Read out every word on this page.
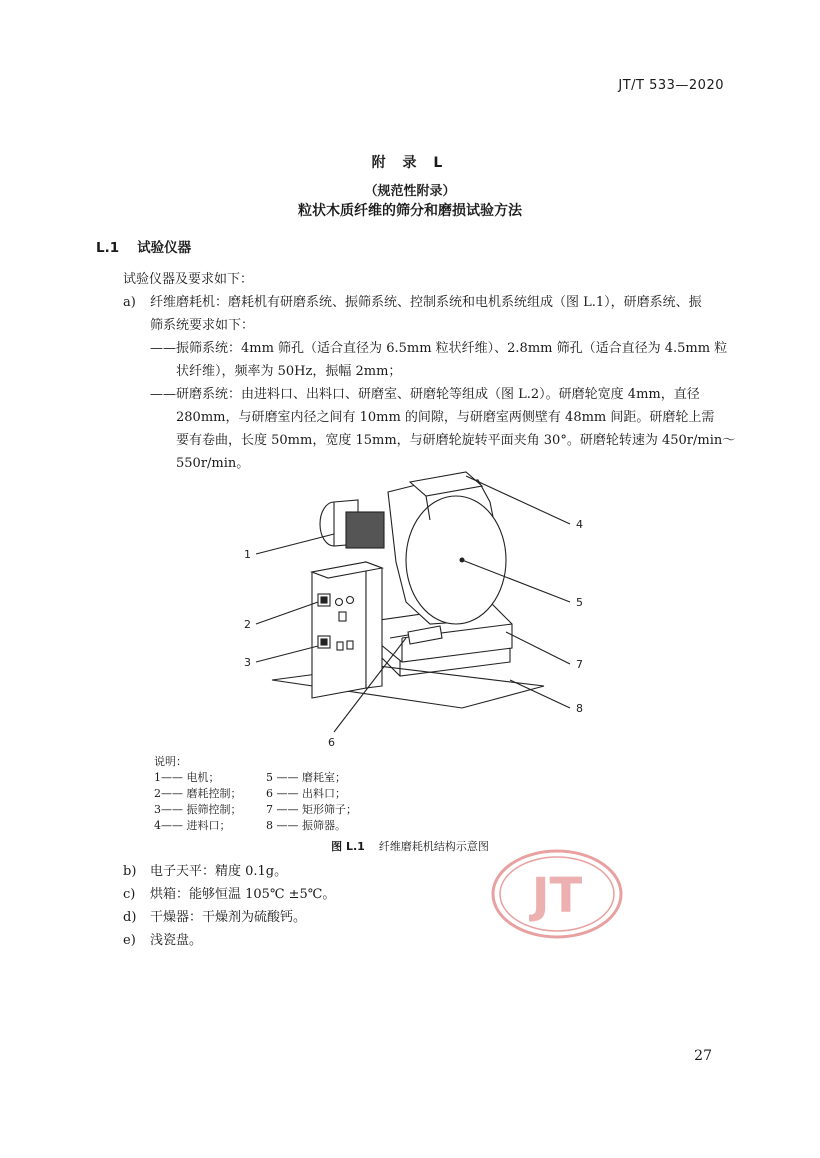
JT/T 533—2020
附 录 L
（规范性附录）
粒状木质纤维的筛分和磨损试验方法
L.1 试验仪器
试验仪器及要求如下：
a) 纤维磨耗机：磨耗机有研磨系统、振筛系统、控制系统和电机系统组成（图 L.1），研磨系统、振
筛系统要求如下：
——振筛系统：4mm 筛孔（适合直径为 6.5mm 粒状纤维）、2.8mm 筛孔（适合直径为 4.5mm 粒
状纤维），频率为 50Hz，振幅 2mm；
——研磨系统：由进料口、出料口、研磨室、研磨轮等组成（图 L.2）。研磨轮宽度 4mm，直径
280mm，与研磨室内径之间有 10mm 的间隙，与研磨室两侧壁有 48mm 间距。研磨轮上需
要有卷曲，长度 50mm，宽度 15mm，与研磨轮旋转平面夹角 30°。研磨轮转速为 450r/min～
550r/min。
1
2
3
4
5
6
7
8
说明：
1—— 电机；
2—— 磨耗控制；
3—— 振筛控制；
4—— 进料口；
5 —— 磨耗室；
6 —— 出料口；
7 —— 矩形筛子；
8 —— 振筛器。
图 L.1 纤维磨耗机结构示意图
b) 电子天平：精度 0.1g。
c) 烘箱：能够恒温 105℃ ±5℃。
d) 干燥器：干燥剂为硫酸钙。
e) 浅瓷盘。
JT
27
